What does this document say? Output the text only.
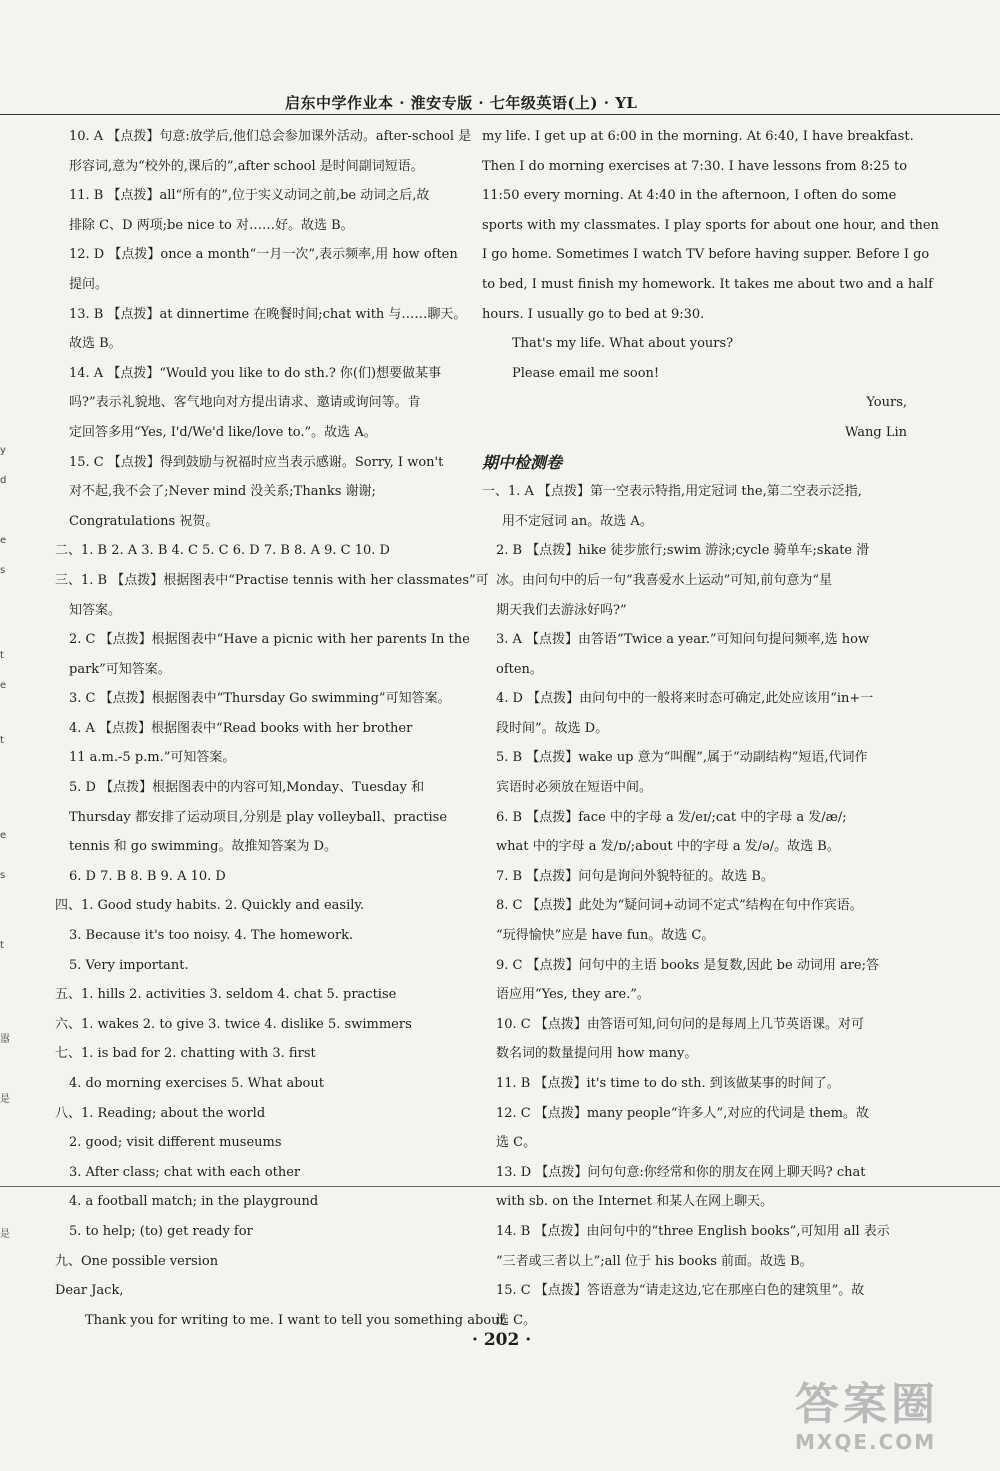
启东中学作业本 · 淮安专版 · 七年级英语(上) · YL
10. A 【点拨】句意:放学后,他们总会参加课外活动。after-school 是
形容词,意为“校外的,课后的”,after school 是时间副词短语。
11. B 【点拨】all“所有的”,位于实义动词之前,be 动词之后,故
排除 C、D 两项;be nice to 对……好。故选 B。
12. D 【点拨】once a month“一月一次”,表示频率,用 how often
提问。
13. B 【点拨】at dinnertime 在晚餐时间;chat with 与……聊天。
故选 B。
14. A 【点拨】“Would you like to do sth.? 你(们)想要做某事
吗?”表示礼貌地、客气地向对方提出请求、邀请或询问等。肯
定回答多用“Yes, I'd/We'd like/love to.”。故选 A。
15. C 【点拨】得到鼓励与祝福时应当表示感谢。Sorry, I won't
对不起,我不会了;Never mind 没关系;Thanks 谢谢;
Congratulations 祝贺。
二、1. B 2. A 3. B 4. C 5. C 6. D 7. B 8. A 9. C 10. D
三、1. B 【点拨】根据图表中“Practise tennis with her classmates”可
知答案。
2. C 【点拨】根据图表中“Have a picnic with her parents In the
park”可知答案。
3. C 【点拨】根据图表中“Thursday Go swimming”可知答案。
4. A 【点拨】根据图表中“Read books with her brother
11 a.m.-5 p.m.”可知答案。
5. D 【点拨】根据图表中的内容可知,Monday、Tuesday 和
Thursday 都安排了运动项目,分别是 play volleyball、practise
tennis 和 go swimming。故推知答案为 D。
6. D 7. B 8. B 9. A 10. D
四、1. Good study habits. 2. Quickly and easily.
3. Because it's too noisy. 4. The homework.
5. Very important.
五、1. hills 2. activities 3. seldom 4. chat 5. practise
六、1. wakes 2. to give 3. twice 4. dislike 5. swimmers
七、1. is bad for 2. chatting with 3. first
4. do morning exercises 5. What about
八、1. Reading; about the world
2. good; visit different museums
3. After class; chat with each other
4. a football match; in the playground
5. to help; (to) get ready for
九、One possible version
Dear Jack,
Thank you for writing to me. I want to tell you something about
my life. I get up at 6:00 in the morning. At 6:40, I have breakfast.
Then I do morning exercises at 7:30. I have lessons from 8:25 to
11:50 every morning. At 4:40 in the afternoon, I often do some
sports with my classmates. I play sports for about one hour, and then
I go home. Sometimes I watch TV before having supper. Before I go
to bed, I must finish my homework. It takes me about two and a half
hours. I usually go to bed at 9:30.
That's my life. What about yours?
Please email me soon!
Yours,
Wang Lin
期中检测卷
一、1. A 【点拨】第一空表示特指,用定冠词 the,第二空表示泛指,
用不定冠词 an。故选 A。
2. B 【点拨】hike 徒步旅行;swim 游泳;cycle 骑单车;skate 滑
冰。由问句中的后一句“我喜爱水上运动”可知,前句意为“星
期天我们去游泳好吗?”
3. A 【点拨】由答语“Twice a year.”可知问句提问频率,选 how
often。
4. D 【点拨】由问句中的一般将来时态可确定,此处应该用“in+一
段时间”。故选 D。
5. B 【点拨】wake up 意为“叫醒”,属于“动副结构”短语,代词作
宾语时必须放在短语中间。
6. B 【点拨】face 中的字母 a 发/eɪ/;cat 中的字母 a 发/æ/;
what 中的字母 a 发/ɒ/;about 中的字母 a 发/ə/。故选 B。
7. B 【点拨】问句是询问外貌特征的。故选 B。
8. C 【点拨】此处为“疑问词+动词不定式”结构在句中作宾语。
“玩得愉快”应是 have fun。故选 C。
9. C 【点拨】问句中的主语 books 是复数,因此 be 动词用 are;答
语应用“Yes, they are.”。
10. C 【点拨】由答语可知,问句问的是每周上几节英语课。对可
数名词的数量提问用 how many。
11. B 【点拨】it's time to do sth. 到该做某事的时间了。
12. C 【点拨】many people“许多人”,对应的代词是 them。故
选 C。
13. D 【点拨】问句句意:你经常和你的朋友在网上聊天吗? chat
with sb. on the Internet 和某人在网上聊天。
14. B 【点拨】由问句中的“three English books”,可知用 all 表示
“三者或三者以上”;all 位于 his books 前面。故选 B。
15. C 【点拨】答语意为“请走这边,它在那座白色的建筑里”。故
选 C。
· 202 ·
答案圈
MXQE.COM
y
d
e
s
t
e
t
e
s
t
嚣
是
是
